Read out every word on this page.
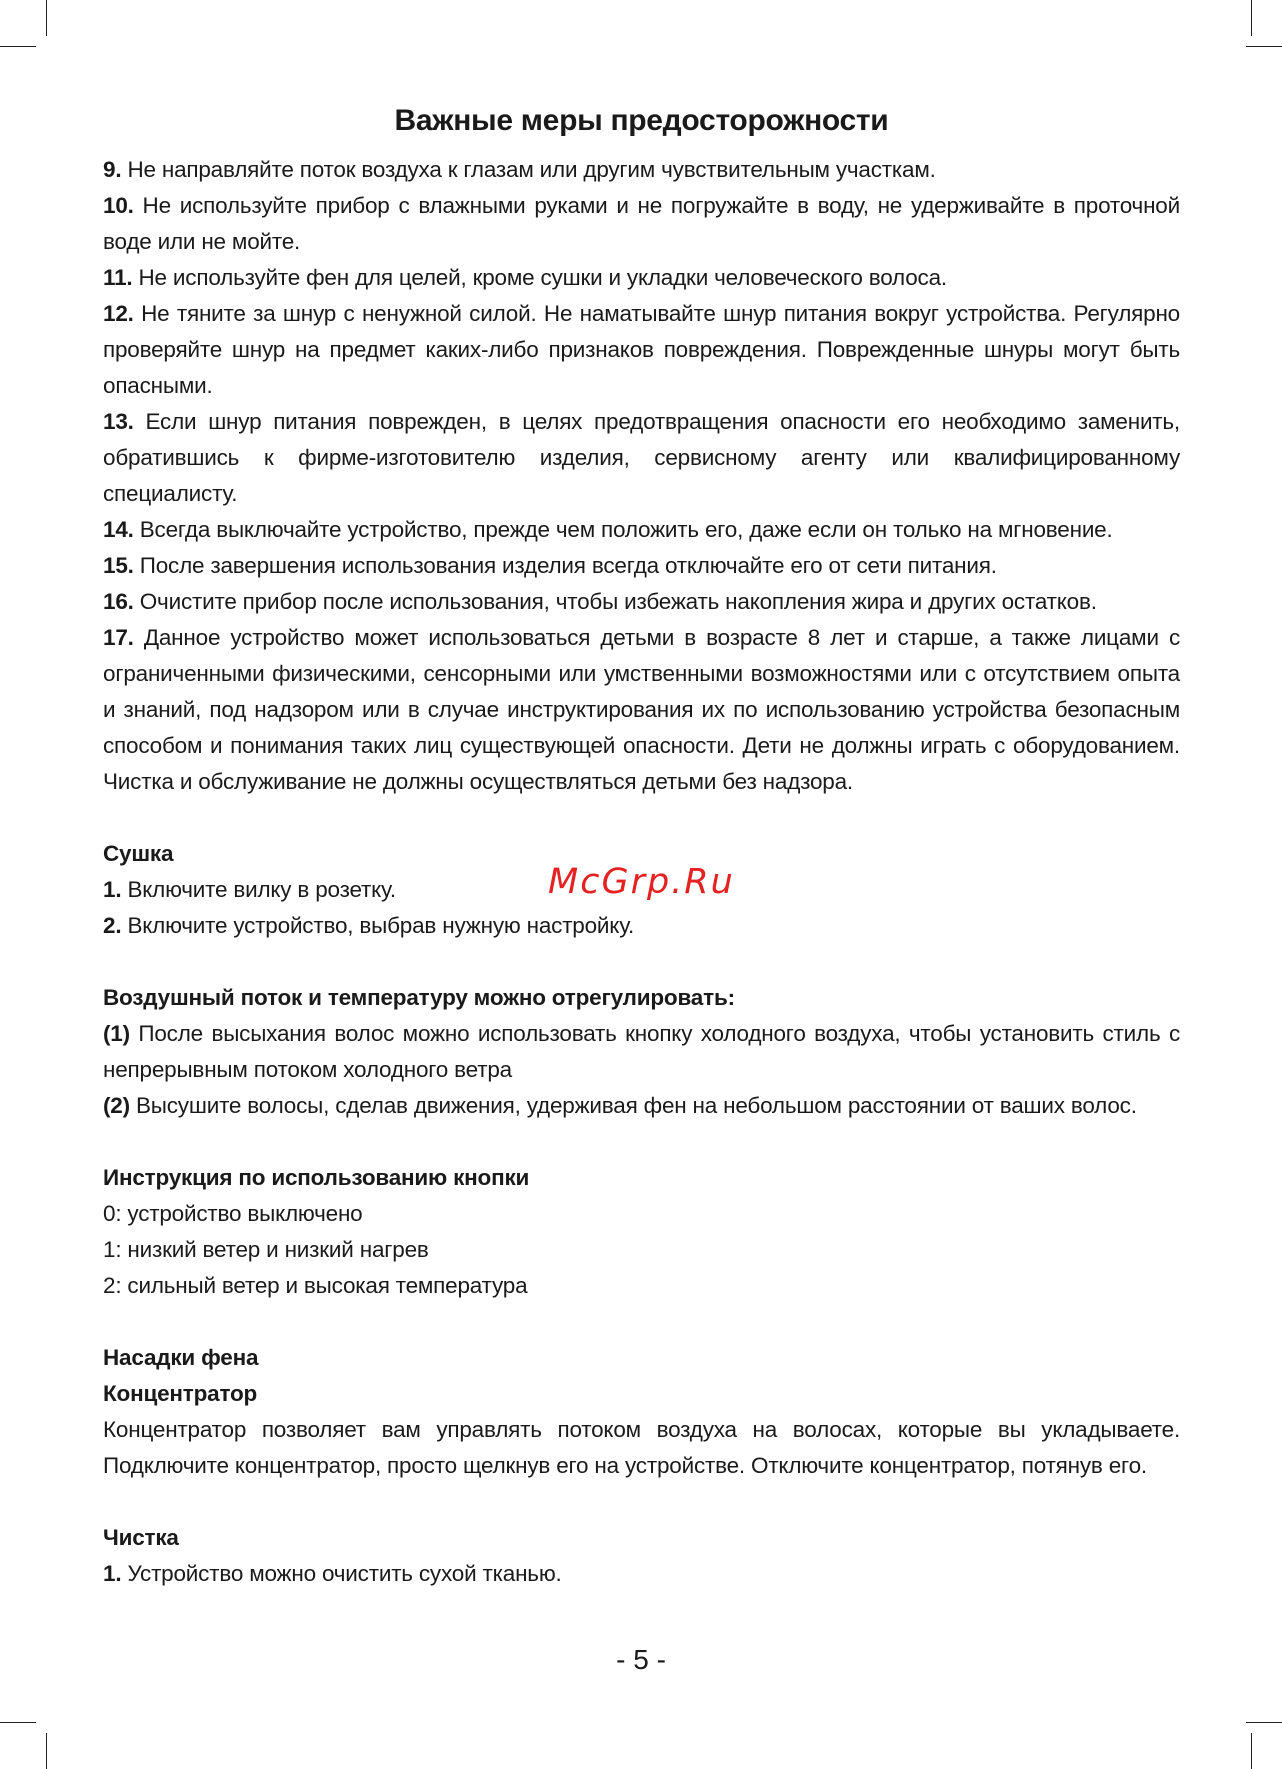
Важные меры предосторожности

9. Не направляйте поток воздуха к глазам или другим чувствительным участкам.

10. Не используйте прибор с влажными руками и не погружайте в воду, не удерживайте в проточной воде или не мойте.

11. Не используйте фен для целей, кроме сушки и укладки человеческого волоса.

12. Не тяните за шнур с ненужной силой. Не наматывайте шнур питания вокруг устройства. Регулярно проверяйте шнур на предмет каких-либо признаков повреждения. Поврежденные шнуры могут быть опасными.

13. Если шнур питания поврежден, в целях предотвращения опасности его необходимо заменить, обратившись к фирме-изготовителю изделия, сервисному агенту или квалифицированному специалисту.

14. Всегда выключайте устройство, прежде чем положить его, даже если он только на мгновение.

15. После завершения использования изделия всегда отключайте его от сети питания.

16. Очистите прибор после использования, чтобы избежать накопления жира и других остатков.

17. Данное устройство может использоваться детьми в возрасте 8 лет и старше, а также лицами с ограниченными физическими, сенсорными или умственными возможностями или с отсутствием опыта и знаний, под надзором или в случае инструктирования их по использованию устройства безопасным способом и понимания таких лиц существующей опасности. Дети не должны играть с оборудованием. Чистка и обслуживание не должны осуществляться детьми без надзора.

Сушка

1. Включите вилку в розетку.

2. Включите устройство, выбрав нужную настройку.

Воздушный поток и температуру можно отрегулировать:

(1) После высыхания волос можно использовать кнопку холодного воздуха, чтобы установить стиль с непрерывным потоком холодного ветра

(2) Высушите волосы, сделав движения, удерживая фен на небольшом расстоянии от ваших волос.

Инструкция по использованию кнопки

0: устройство выключено

1: низкий ветер и низкий нагрев

2: сильный ветер и высокая температура

Насадки фена

Концентратор

Концентратор позволяет вам управлять потоком воздуха на волосах, которые вы укладываете. Подключите концентратор, просто щелкнув его на устройстве. Отключите концентратор, потянув его.

Чистка

1. Устройство можно очистить сухой тканью.

McGrp.Ru
- 5 -
